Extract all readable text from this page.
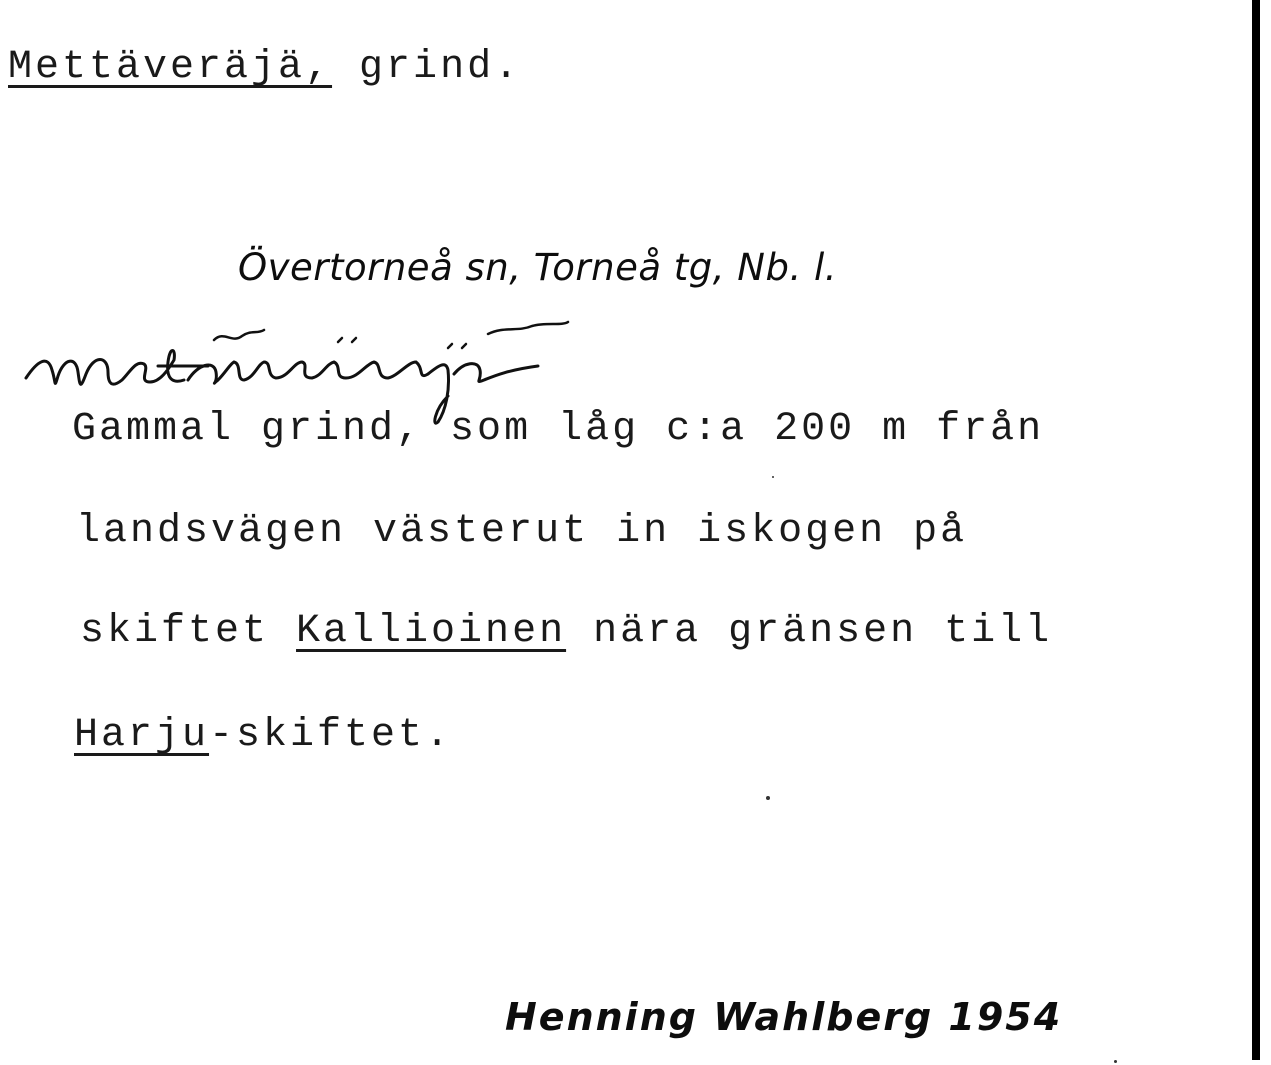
Mettäveräjä, grind.
Övertorneå sn, Torneå tg, Nb. l.
Gammal grind, som låg c:a 200 m från
landsvägen västerut in iskogen på
skiftet Kallioinen nära gränsen till
Harju-skiftet.
Henning Wahlberg 1954
